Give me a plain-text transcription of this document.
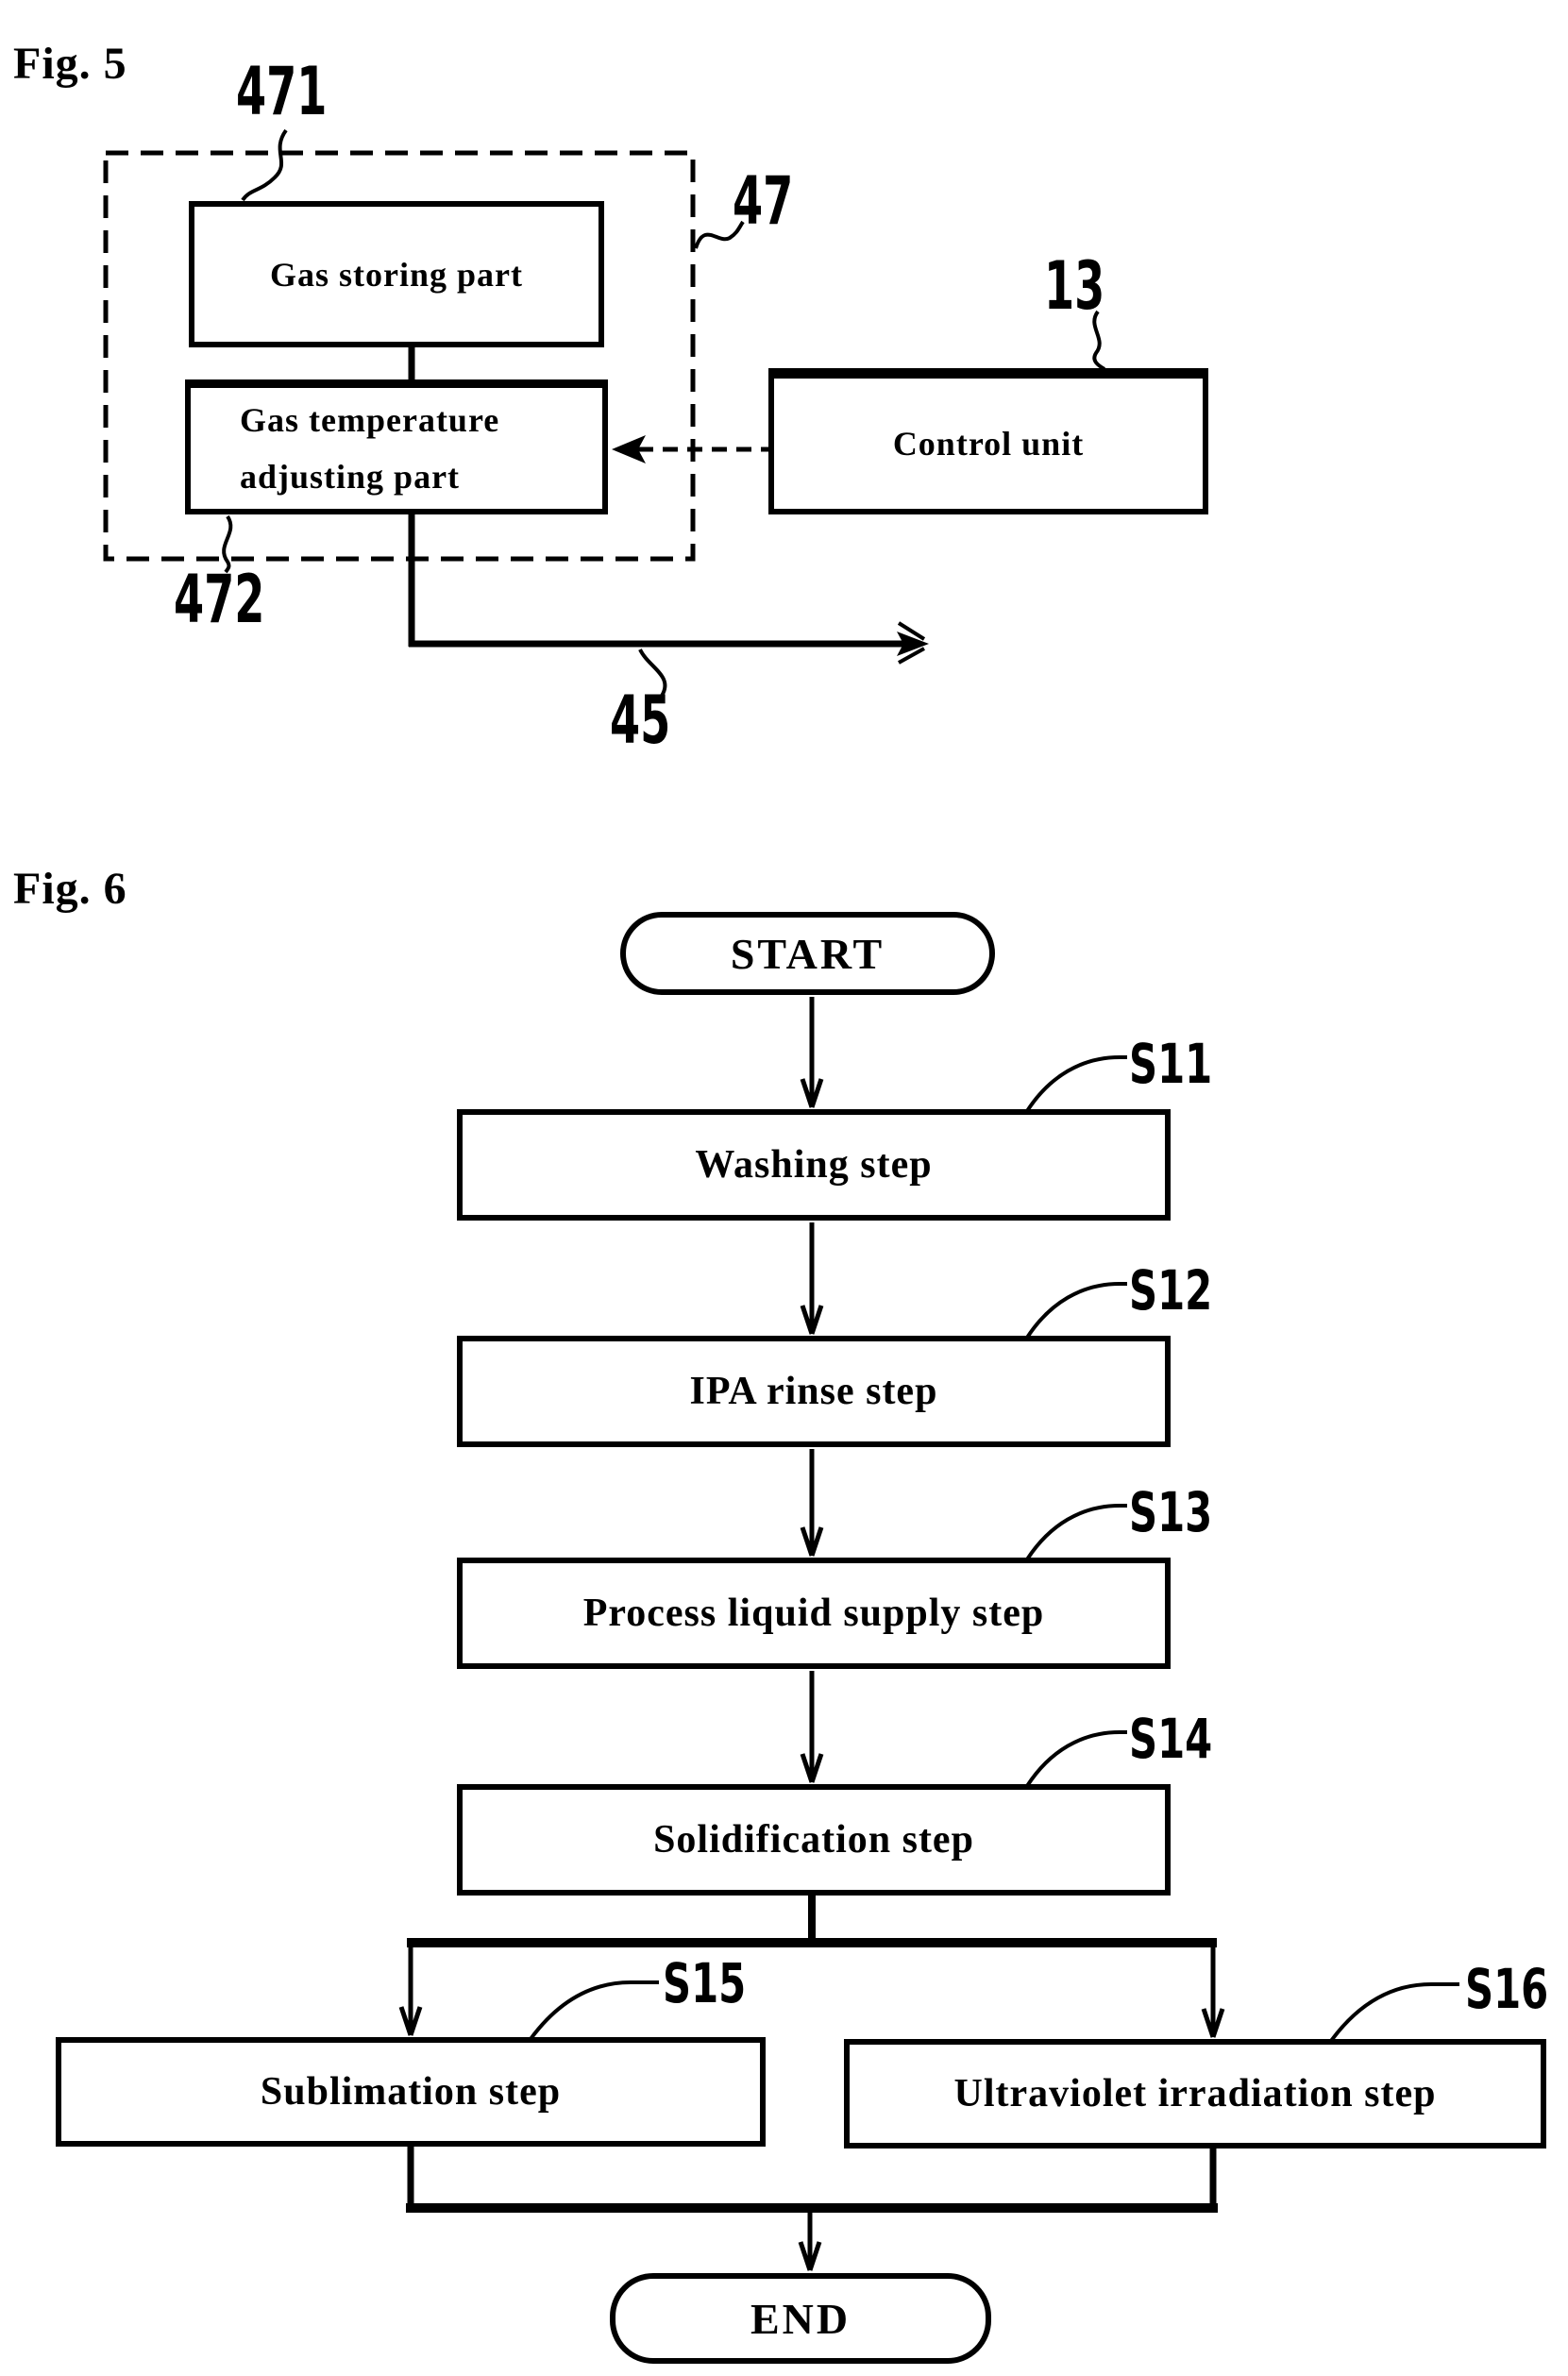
Fig. 5 471
47
13
472
45
Gas storing part
Gas temperature
adjusting part
Control unit
Fig. 6
START
Washing step
S11
IPA rinse step
S12
Process liquid supply step
S13
Solidification step
S14
Sublimation step
S15
Ultraviolet irradiation step
S16
END
